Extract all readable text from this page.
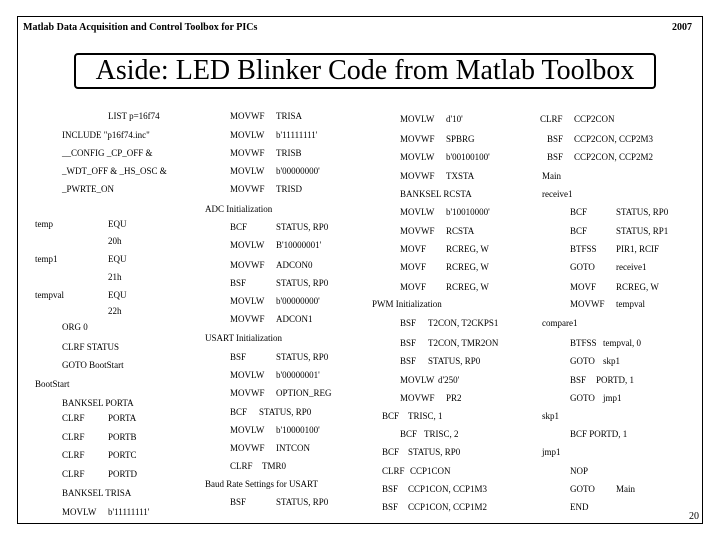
Matlab Data Acquisition and Control Toolbox for PICs	2007
Aside: LED Blinker Code from Matlab Toolbox
LIST p=16f74
INCLUDE "p16f74.inc"
__CONFIG _CP_OFF &
_WDT_OFF & _HS_OSC &
_PWRTE_ON
temp	EQU
20h
temp1	EQU
21h
tempval	EQU
22h
ORG 0
CLRF STATUS
GOTO BootStart
BootStart
BANKSEL PORTA
CLRF	PORTA
CLRF	PORTB
CLRF	PORTC
CLRF	PORTD
BANKSEL TRISA
MOVLW b'11111111'
MOVWF TRISA
MOVLW b'11111111'
MOVWF TRISB
MOVLW b'00000000'
MOVWF TRISD
ADC Initialization
BCF	STATUS, RP0
MOVLW B'10000001'
MOVWF ADCON0
BSF	STATUS, RP0
MOVLW b'00000000'
MOVWF ADCON1
USART Initialization
BSF	STATUS, RP0
MOVLW b'00000001'
MOVWF OPTION_REG
BCF STATUS, RP0
MOVLW b'10000100'
MOVWF INTCON
CLRF TMR0
Baud Rate Settings for USART
BSF	STATUS, RP0
MOVLW d'10'
MOVWF SPBRG
MOVLW b'00100100'
MOVWF TXSTA
BANKSEL RCSTA
MOVLW b'10010000'
MOVWF RCSTA
MOVF RCREG, W
MOVF RCREG, W
MOVF RCREG, W
PWM Initialization
BSF T2CON, T2CKPS1
BSF T2CON, TMR2ON
BSF STATUS, RP0
MOVLW d'250'
MOVWF PR2
BCF TRISC, 1
BCF TRISC, 2
BCF STATUS, RP0
CLRF CCP1CON
BSF CCP1CON, CCP1M3
BSF CCP1CON, CCP1M2
CLRF CCP2CON
BSF CCP2CON, CCP2M3
BSF CCP2CON, CCP2M2
Main
receive1
BCF	STATUS, RP0
BCF	STATUS, RP1
BTFSS PIR1, RCIF
GOTO receive1
MOVF RCREG, W
MOVWF tempval
compare1
BTFSS tempval, 0
GOTO skp1
BSF PORTD, 1
GOTO jmp1
skp1
BCF PORTD, 1
jmp1
NOP
GOTO Main
END
20
